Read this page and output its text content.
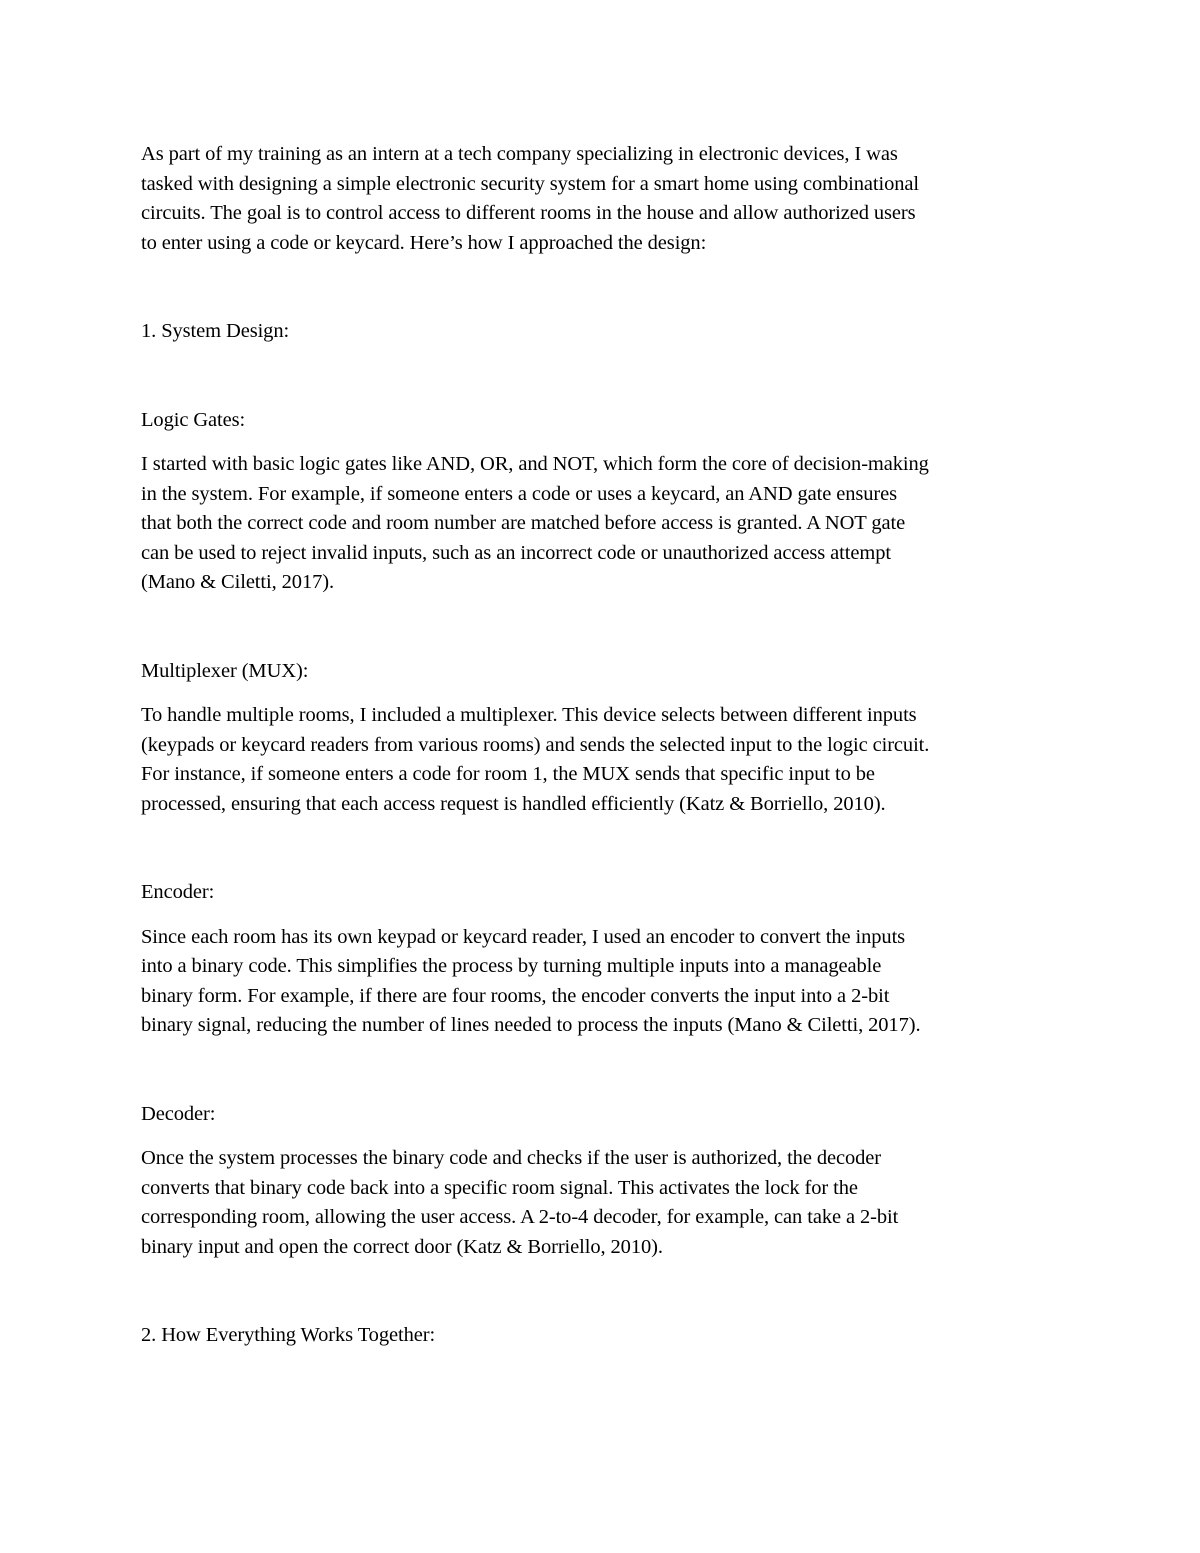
As part of my training as an intern at a tech company specializing in electronic devices, I was
tasked with designing a simple electronic security system for a smart home using combinational
circuits. The goal is to control access to different rooms in the house and allow authorized users
to enter using a code or keycard. Here’s how I approached the design:

1. System Design:

Logic Gates:

I started with basic logic gates like AND, OR, and NOT, which form the core of decision-making
in the system. For example, if someone enters a code or uses a keycard, an AND gate ensures
that both the correct code and room number are matched before access is granted. A NOT gate
can be used to reject invalid inputs, such as an incorrect code or unauthorized access attempt
(Mano & Ciletti, 2017).

Multiplexer (MUX):

To handle multiple rooms, I included a multiplexer. This device selects between different inputs
(keypads or keycard readers from various rooms) and sends the selected input to the logic circuit.
For instance, if someone enters a code for room 1, the MUX sends that specific input to be
processed, ensuring that each access request is handled efficiently (Katz & Borriello, 2010).

Encoder:

Since each room has its own keypad or keycard reader, I used an encoder to convert the inputs
into a binary code. This simplifies the process by turning multiple inputs into a manageable
binary form. For example, if there are four rooms, the encoder converts the input into a 2-bit
binary signal, reducing the number of lines needed to process the inputs (Mano & Ciletti, 2017).

Decoder:

Once the system processes the binary code and checks if the user is authorized, the decoder
converts that binary code back into a specific room signal. This activates the lock for the
corresponding room, allowing the user access. A 2-to-4 decoder, for example, can take a 2-bit
binary input and open the correct door (Katz & Borriello, 2010).

2. How Everything Works Together:
